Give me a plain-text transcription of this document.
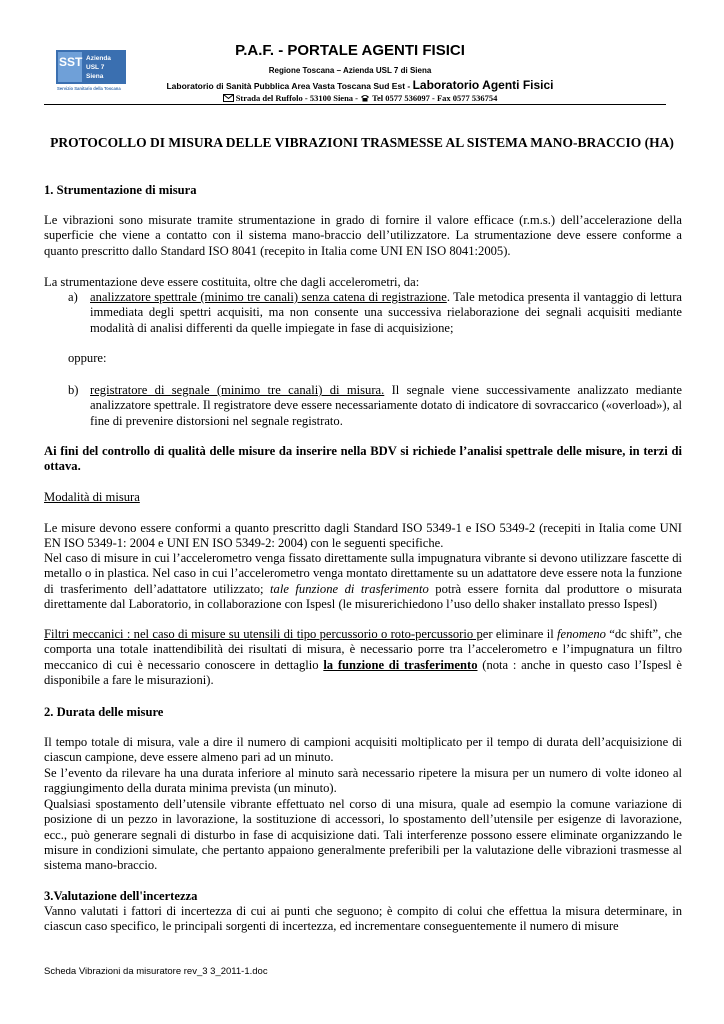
SST Azienda
USL 7
Siena
Servizio Sanitario della Toscana
P.A.F. - PORTALE AGENTI FISICI
Regione Toscana – Azienda USL 7 di Siena
Laboratorio di Sanità Pubblica Area Vasta Toscana Sud Est - Laboratorio Agenti Fisici
Strada del Ruffolo - 53100 Siena - Tel 0577 536097 - Fax 0577 536754
PROTOCOLLO DI MISURA DELLE VIBRAZIONI TRASMESSE AL SISTEMA MANO-BRACCIO (HA)
1. Strumentazione di misura
Le vibrazioni sono misurate tramite strumentazione in grado di fornire il valore efficace (r.m.s.) dell’accelerazione della superficie che viene a contatto con il sistema mano-braccio dell’utilizzatore. La strumentazione deve essere conforme a quanto prescritto dallo Standard ISO 8041 (recepito in Italia come UNI EN ISO 8041:2005).
La strumentazione deve essere costituita, oltre che dagli accelerometri, da:
a) analizzatore spettrale (minimo tre canali) senza catena di registrazione. Tale metodica presenta il vantaggio di lettura immediata degli spettri acquisiti, ma non consente una successiva rielaborazione dei segnali acquisiti mediante modalità di analisi differenti da quelle impiegate in fase di acquisizione;
oppure:
b) registratore di segnale (minimo tre canali) di misura. Il segnale viene successivamente analizzato mediante analizzatore spettrale. Il registratore deve essere necessariamente dotato di indicatore di sovraccarico («overload»), al fine di prevenire distorsioni nel segnale registrato.
Ai fini del controllo di qualità delle misure da inserire nella BDV si richiede l’analisi spettrale delle misure, in terzi di ottava.
Modalità di misura
Le misure devono essere conformi a quanto prescritto dagli Standard ISO 5349-1 e ISO 5349-2 (recepiti in Italia come UNI EN ISO 5349-1: 2004 e UNI EN ISO 5349-2: 2004) con le seguenti specifiche.
Nel caso di misure in cui l’accelerometro venga fissato direttamente sulla impugnatura vibrante si devono utilizzare fascette di metallo o in plastica. Nel caso in cui l’accelerometro venga montato direttamente su un adattatore deve essere nota la funzione di trasferimento dell’adattatore utilizzato; tale funzione di trasferimento potrà essere fornita dal produttore o misurata direttamente dal Laboratorio, in collaborazione con Ispesl (le misurerichiedono l’uso dello shaker installato presso Ispesl)
Filtri meccanici : nel caso di misure su utensili di tipo percussorio o roto-percussorio per eliminare il fenomeno “dc shift”, che comporta una totale inattendibilità dei risultati di misura, è necessario porre tra l’accelerometro e l’impugnatura un filtro meccanico di cui è necessario conoscere in dettaglio la funzione di trasferimento (nota : anche in questo caso l’Ispesl è disponibile a fare le misurazioni).
2. Durata delle misure
Il tempo totale di misura, vale a dire il numero di campioni acquisiti moltiplicato per il tempo di durata dell’acquisizione di ciascun campione, deve essere almeno pari ad un minuto.
Se l’evento da rilevare ha una durata inferiore al minuto sarà necessario ripetere la misura per un numero di volte idoneo al raggiungimento della durata minima prevista (un minuto).
Qualsiasi spostamento dell’utensile vibrante effettuato nel corso di una misura, quale ad esempio la comune variazione di posizione di un pezzo in lavorazione, la sostituzione di accessori, lo spostamento dell’utensile per esigenze di lavorazione, ecc., può generare segnali di disturbo in fase di acquisizione dati. Tali interferenze possono essere eliminate organizzando le misure in condizioni simulate, che pertanto appaiono generalmente preferibili per la valutazione delle vibrazioni trasmesse al sistema mano-braccio.
3.Valutazione dell'incertezza
Vanno valutati i fattori di incertezza di cui ai punti che seguono; è compito di colui che effettua la misura determinare, in ciascun caso specifico, le principali sorgenti di incertezza, ed incrementare conseguentemente il numero di misure
Scheda Vibrazioni da misuratore rev_3 3_2011-1.doc
